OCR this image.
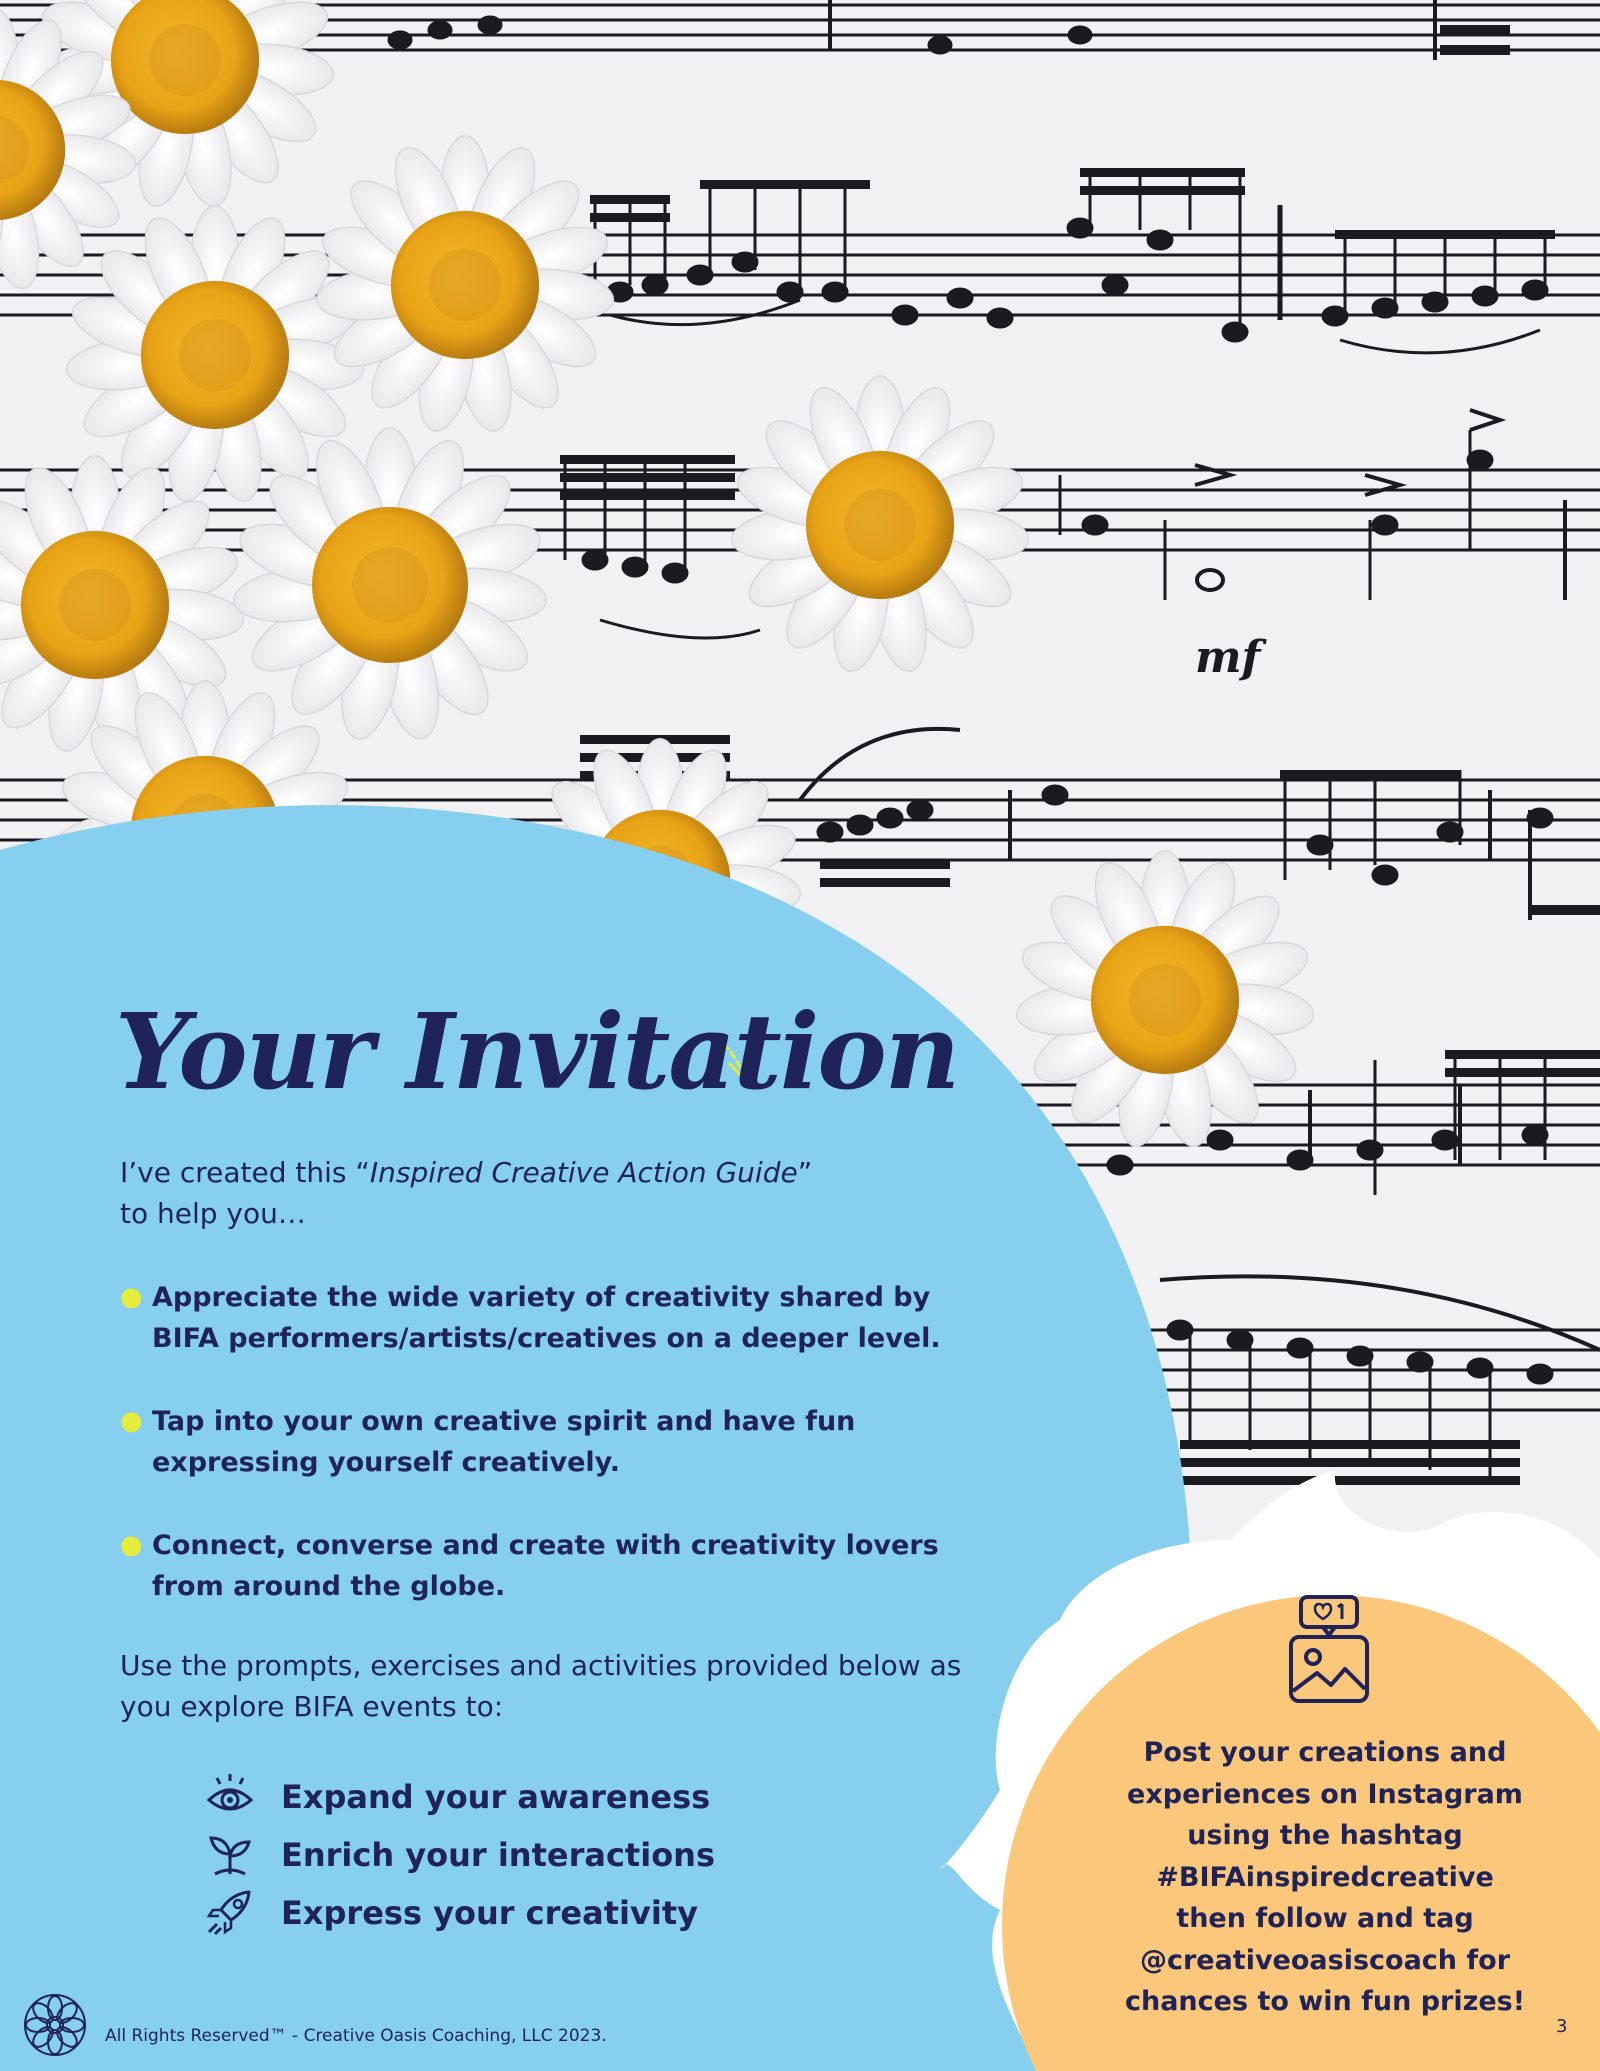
mf
Your Invitation
I’ve created this “Inspired Creative Action Guide”
to help you…
● Appreciate the wide variety of creativity shared by BIFA performers/artists/creatives on a deeper level.
● Tap into your own creative spirit and have fun expressing yourself creatively.
● Connect, converse and create with creativity lovers from around the globe.
Use the prompts, exercises and activities provided below as you explore BIFA events to:
Expand your awareness
Enrich your interactions
Express your creativity
Post your creations and
experiences on Instagram
using the hashtag
#BIFAinspiredcreative
then follow and tag
@creativeoasiscoach for
chances to win fun prizes!
All Rights Reserved™ - Creative Oasis Coaching, LLC 2023.	3
